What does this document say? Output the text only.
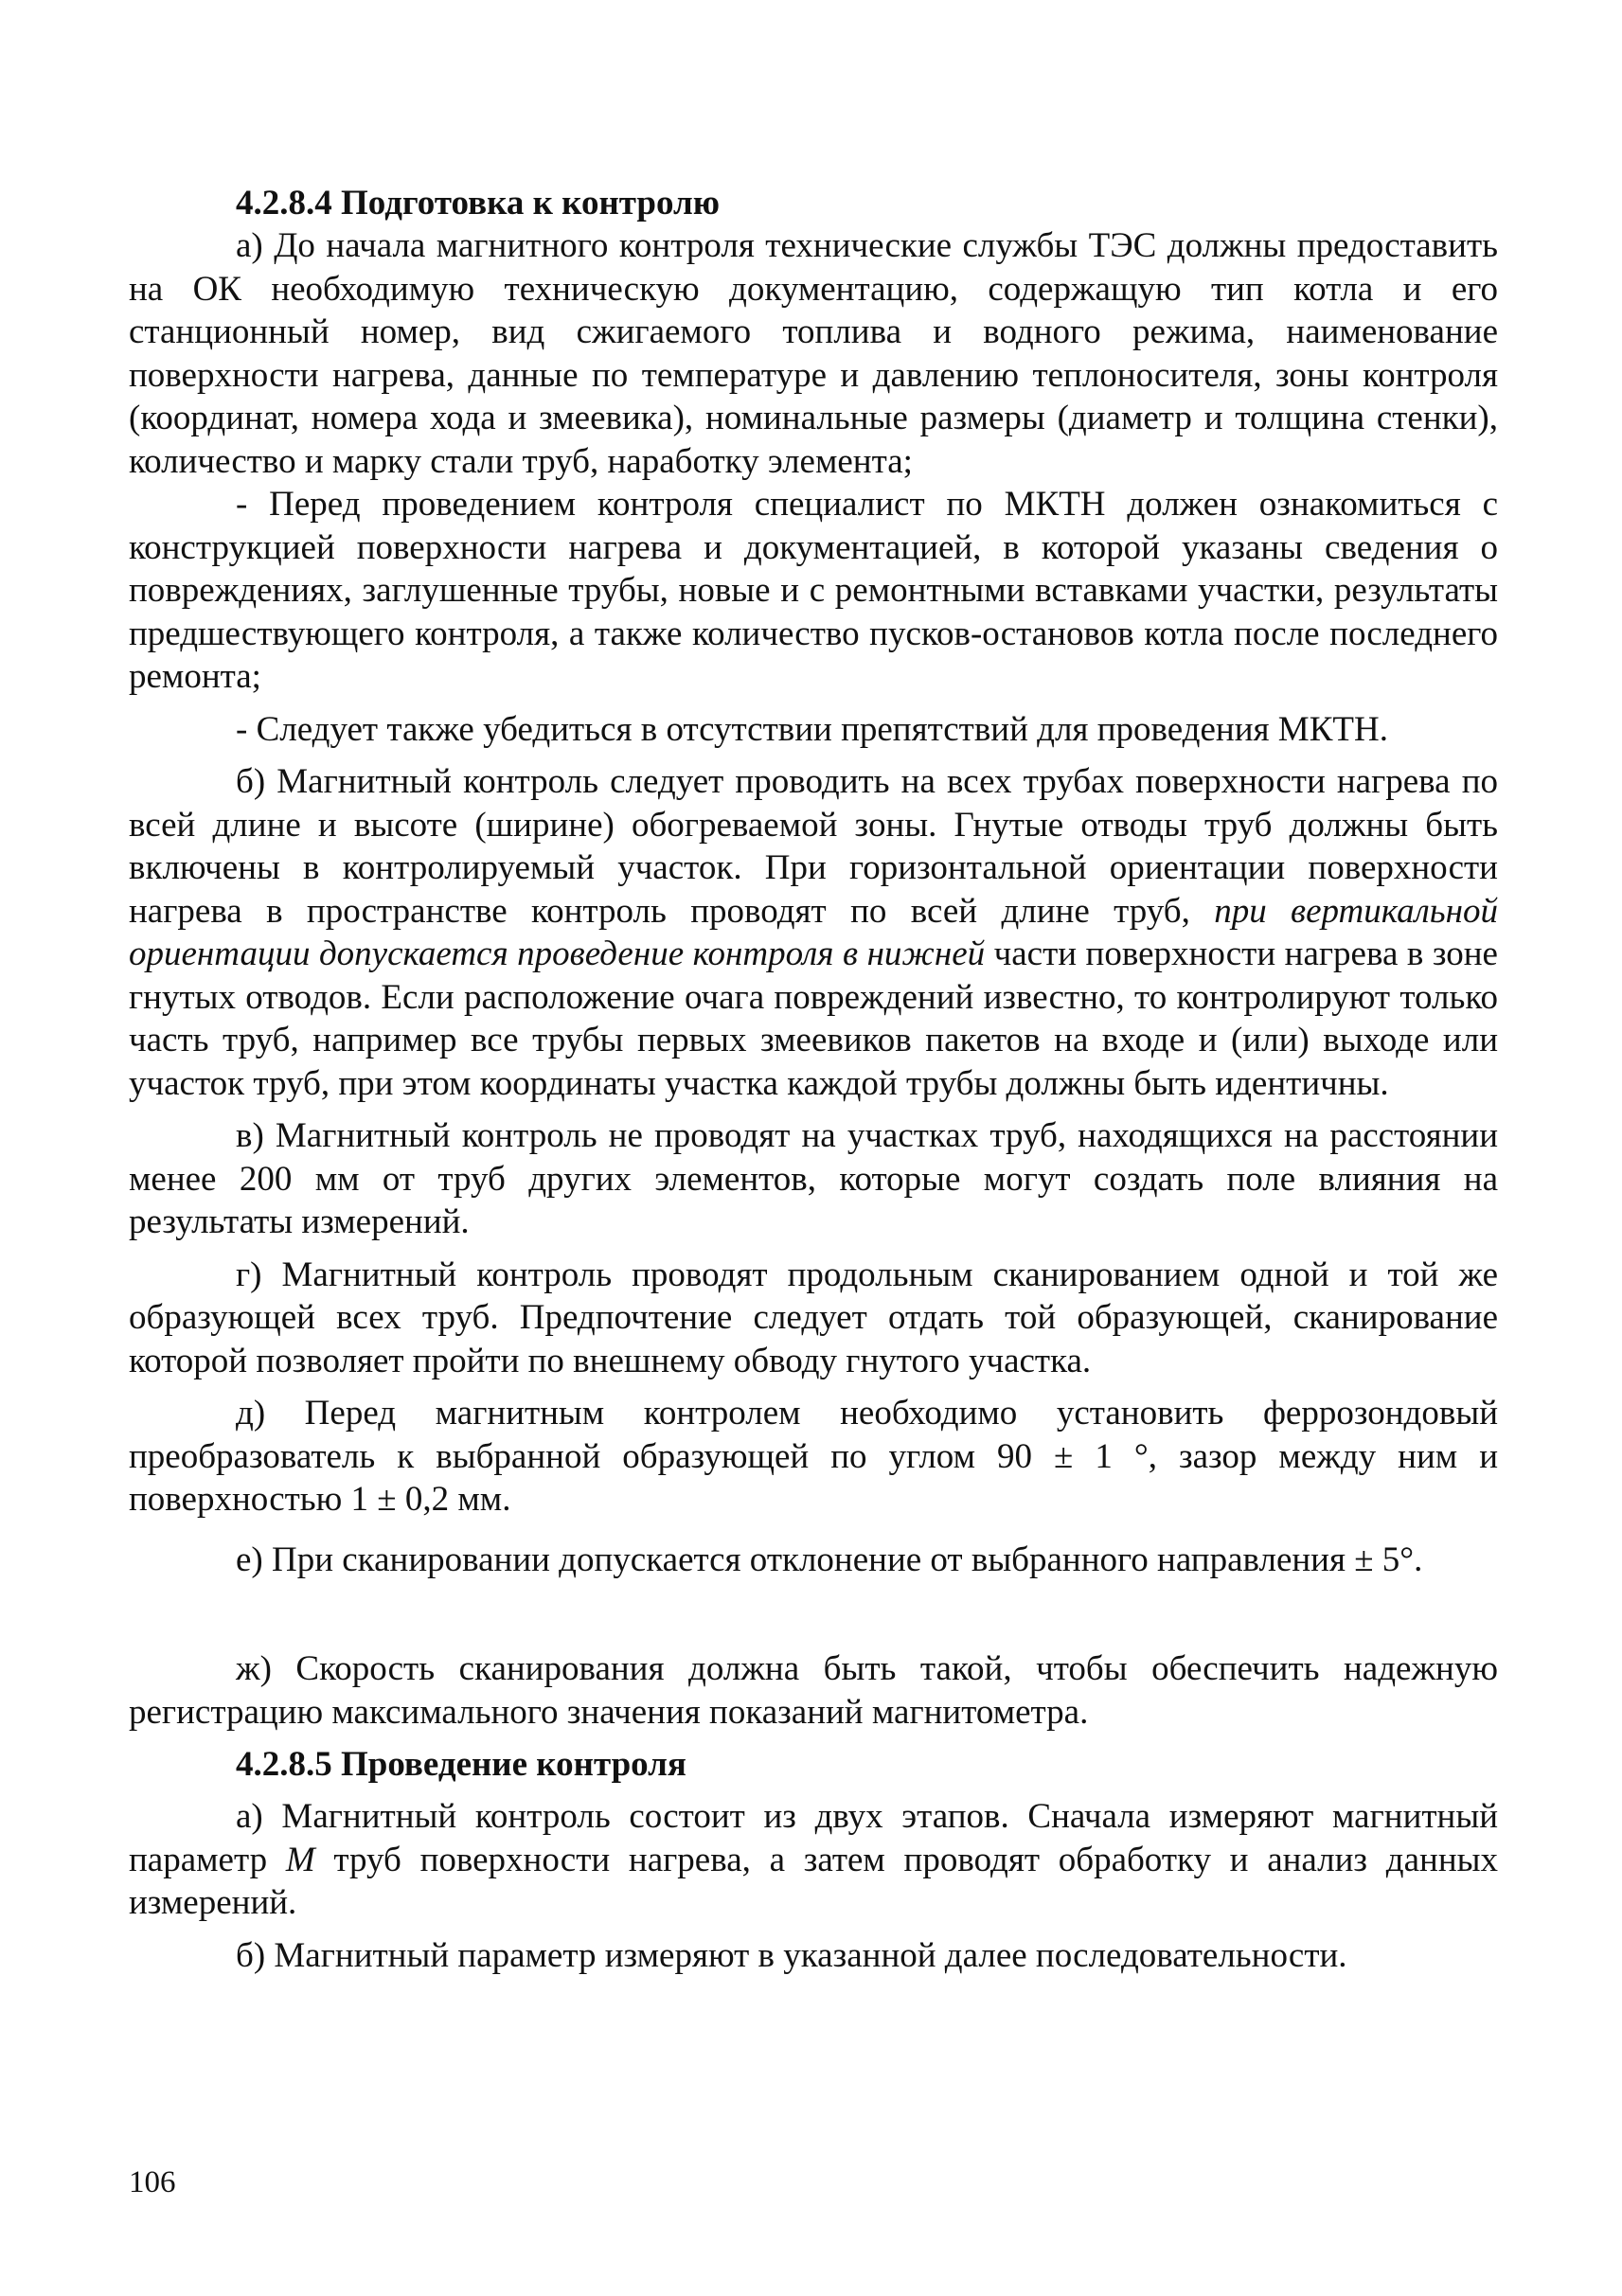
4.2.8.4 Подготовка к контролю

а) До начала магнитного контроля технические службы ТЭС должны предоставить на ОК необходимую техническую документацию, содержащую тип котла и его станционный номер, вид сжигаемого топлива и водного режима, наименование поверхности нагрева, данные по температуре и давлению теплоносителя, зоны контроля (координат, номера хода и змеевика), номинальные размеры (диаметр и толщина стенки), количество и марку стали труб, наработку элемента;

- Перед проведением контроля специалист по МКТН должен ознакомиться с конструкцией поверхности нагрева и документацией, в которой указаны сведения о повреждениях, заглушенные трубы, новые и с ремонтными вставками участки, результаты предшествующего контроля, а также количество пусков-остановов котла после последнего ремонта;

- Следует также убедиться в отсутствии препятствий для проведения МКТН.

б) Магнитный контроль следует проводить на всех трубах поверхности нагрева по всей длине и высоте (ширине) обогреваемой зоны. Гнутые отводы труб должны быть включены в контролируемый участок. При горизонтальной ориентации поверхности нагрева в пространстве контроль проводят по всей длине труб, при вертикальной ориентации допускается проведение контроля в нижней части поверхности нагрева в зоне гнутых отводов. Если расположение очага повреждений известно, то контролируют только часть труб, например все трубы первых змеевиков пакетов на входе и (или) выходе или участок труб, при этом координаты участка каждой трубы должны быть идентичны.

в) Магнитный контроль не проводят на участках труб, находящихся на расстоянии менее 200 мм от труб других элементов, которые могут создать поле влияния на результаты измерений.

г) Магнитный контроль проводят продольным сканированием одной и той же образующей всех труб. Предпочтение следует отдать той образующей, сканирование которой позволяет пройти по внешнему обводу гнутого участка.

д) Перед магнитным контролем необходимо установить феррозондовый преобразователь к выбранной образующей по углом 90 ± 1 °, зазор между ним и поверхностью 1 ± 0,2 мм.

е) При сканировании допускается отклонение от выбранного направления ± 5°.

ж) Скорость сканирования должна быть такой, чтобы обеспечить надежную регистрацию максимального значения показаний магнитометра.

4.2.8.5 Проведение контроля

а) Магнитный контроль состоит из двух этапов. Сначала измеряют магнитный параметр М труб поверхности нагрева, а затем проводят обработку и анализ данных измерений.

б) Магнитный параметр измеряют в указанной далее последовательности.

106
